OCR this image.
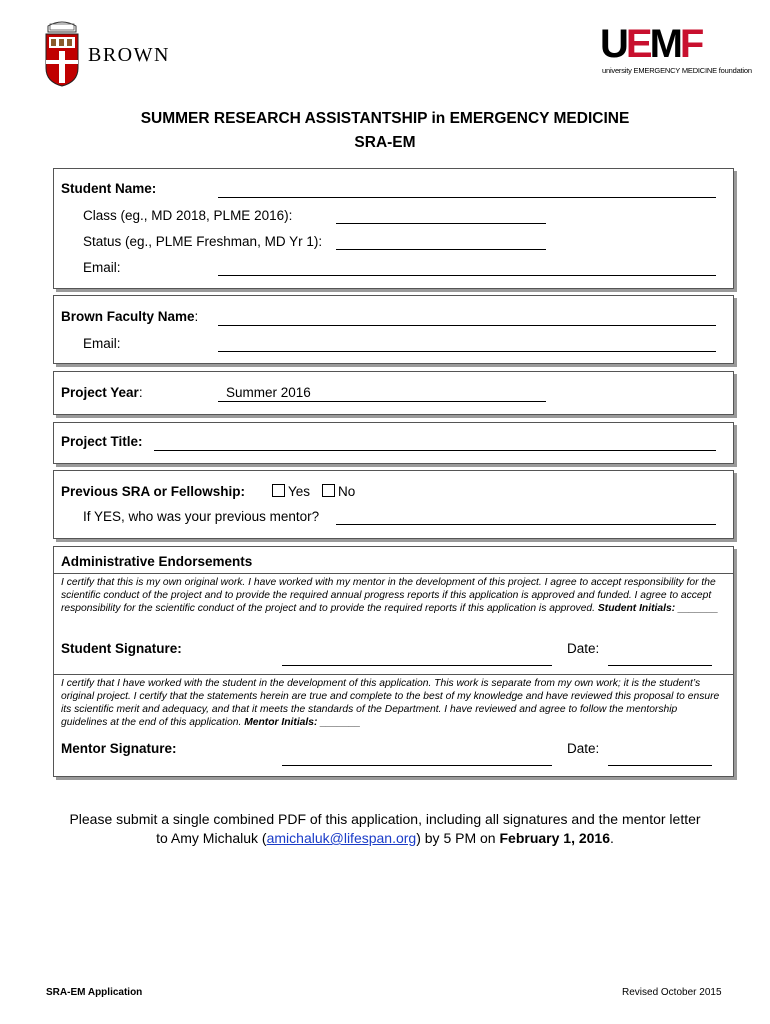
BROWN	UEMF
university EMERGENCY MEDICINE foundation
SUMMER RESEARCH ASSISTANTSHIP in EMERGENCY MEDICINE
SRA-EM
Student Name:
Class (eg., MD 2018, PLME 2016):
Status (eg., PLME Freshman, MD Yr 1):
Email:
Brown Faculty Name:
Email:
Project Year:	Summer 2016
Project Title:
Previous SRA or Fellowship:	Yes	No
If YES, who was your previous mentor?
Administrative Endorsements
I certify that this is my own original work. I have worked with my mentor in the development of this project. I agree to accept responsibility for the scientific conduct of the project and to provide the required annual progress reports if this application is approved and funded. I agree to accept responsibility for the scientific conduct of the project and to provide the required reports if this application is approved. Student Initials: _______
Student Signature:	Date:
I certify that I have worked with the student in the development of this application. This work is separate from my own work; it is the student’s original project. I certify that the statements herein are true and complete to the best of my knowledge and have reviewed this proposal to ensure its scientific merit and adequacy, and that it meets the standards of the Department. I have reviewed and agree to follow the mentorship guidelines at the end of this application. Mentor Initials: _______
Mentor Signature:	Date:
Please submit a single combined PDF of this application, including all signatures and the mentor letter
to Amy Michaluk (amichaluk@lifespan.org) by 5 PM on February 1, 2016.
SRA-EM Application	Revised October 2015
